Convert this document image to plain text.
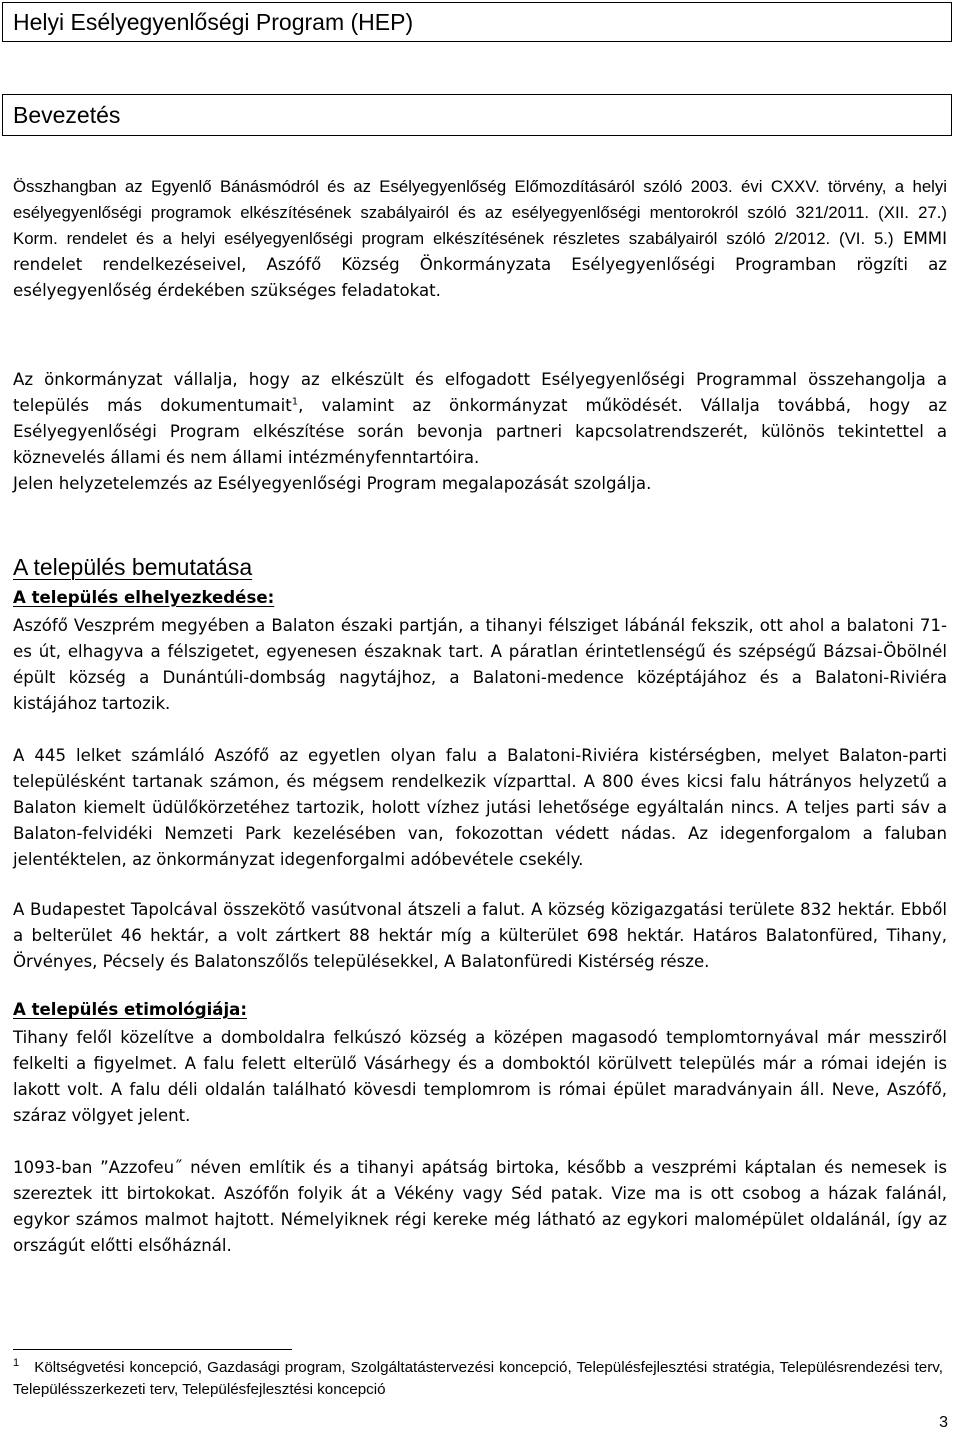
Helyi Esélyegyenlőségi Program (HEP)
Bevezetés

Összhangban az Egyenlő Bánásmódról és az Esélyegyenlőség Előmozdításáról szóló 2003. évi CXXV. törvény, a helyi esélyegyenlőségi programok elkészítésének szabályairól és az esélyegyenlőségi mentorokról szóló 321/2011. (XII. 27.) Korm. rendelet és a helyi esélyegyenlőségi program elkészítésének részletes szabályairól szóló 2/2012. (VI. 5.) EMMI rendelet rendelkezéseivel, Aszófő Község Önkormányzata Esélyegyenlőségi Programban rögzíti az esélyegyenlőség érdekében szükséges feladatokat.

Az önkormányzat vállalja, hogy az elkészült és elfogadott Esélyegyenlőségi Programmal összehangolja a település más dokumentumait$^1$, valamint az önkormányzat működését. Vállalja továbbá, hogy az Esélyegyenlőségi Program elkészítése során bevonja partneri kapcsolatrendszerét, különös tekintettel a köznevelés állami és nem állami intézményfenntartóira.

Jelen helyzetelemzés az Esélyegyenlőségi Program megalapozását szolgálja.

A település bemutatása
A település elhelyezkedése:

Aszófő Veszprém megyében a Balaton északi partján, a tihanyi félsziget lábánál fekszik, ott ahol a balatoni 71-es út, elhagyva a félszigetet, egyenesen északnak tart. A páratlan érintetlenségű és szépségű Bázsai-Öbölnél épült község a Dunántúli-dombság nagytájhoz, a Balatoni-medence középtájához és a Balatoni-Riviéra kistájához tartozik.

A 445 lelket számláló Aszófő az egyetlen olyan falu a Balatoni-Riviéra kistérségben, melyet Balaton-parti településként tartanak számon, és mégsem rendelkezik vízparttal. A 800 éves kicsi falu hátrányos helyzetű a Balaton kiemelt üdülőkörzetéhez tartozik, holott vízhez jutási lehetősége egyáltalán nincs. A teljes parti sáv a Balaton-felvidéki Nemzeti Park kezelésében van, fokozottan védett nádas. Az idegenforgalom a faluban jelentéktelen, az önkormányzat idegenforgalmi adóbevétele csekély.

A Budapestet Tapolcával összekötő vasútvonal átszeli a falut. A község közigazgatási területe 832 hektár. Ebből a belterület 46 hektár, a volt zártkert 88 hektár míg a külterület 698 hektár. Határos Balatonfüred, Tihany, Örvényes, Pécsely és Balatonszőlős településekkel, A Balatonfüredi Kistérség része.

A település etimológiája:

Tihany felől közelítve a domboldalra felkúszó község a középen magasodó templomtornyával már messziről felkelti a figyelmet. A falu felett elterülő Vásárhegy és a domboktól körülvett település már a római idején is lakott volt. A falu déli oldalán található kövesdi templomrom is római épület maradványain áll. Neve, Aszófő, száraz völgyet jelent.

1093-ban ˮAzzofeu˝ néven említik és a tihanyi apátság birtoka, később a veszprémi káptalan és nemesek is szereztek itt birtokokat. Aszófőn folyik át a Vékény vagy Séd patak. Vize ma is ott csobog a házak falánál, egykor számos malmot hajtott. Némelyiknek régi kereke még látható az egykori malomépület oldalánál, így az országút előtti elsőháznál.

$^1$ Költségvetési koncepció, Gazdasági program, Szolgáltatástervezési koncepció, Településfejlesztési stratégia, Településrendezési terv, Településszerkezeti terv, Településfejlesztési koncepció

3
